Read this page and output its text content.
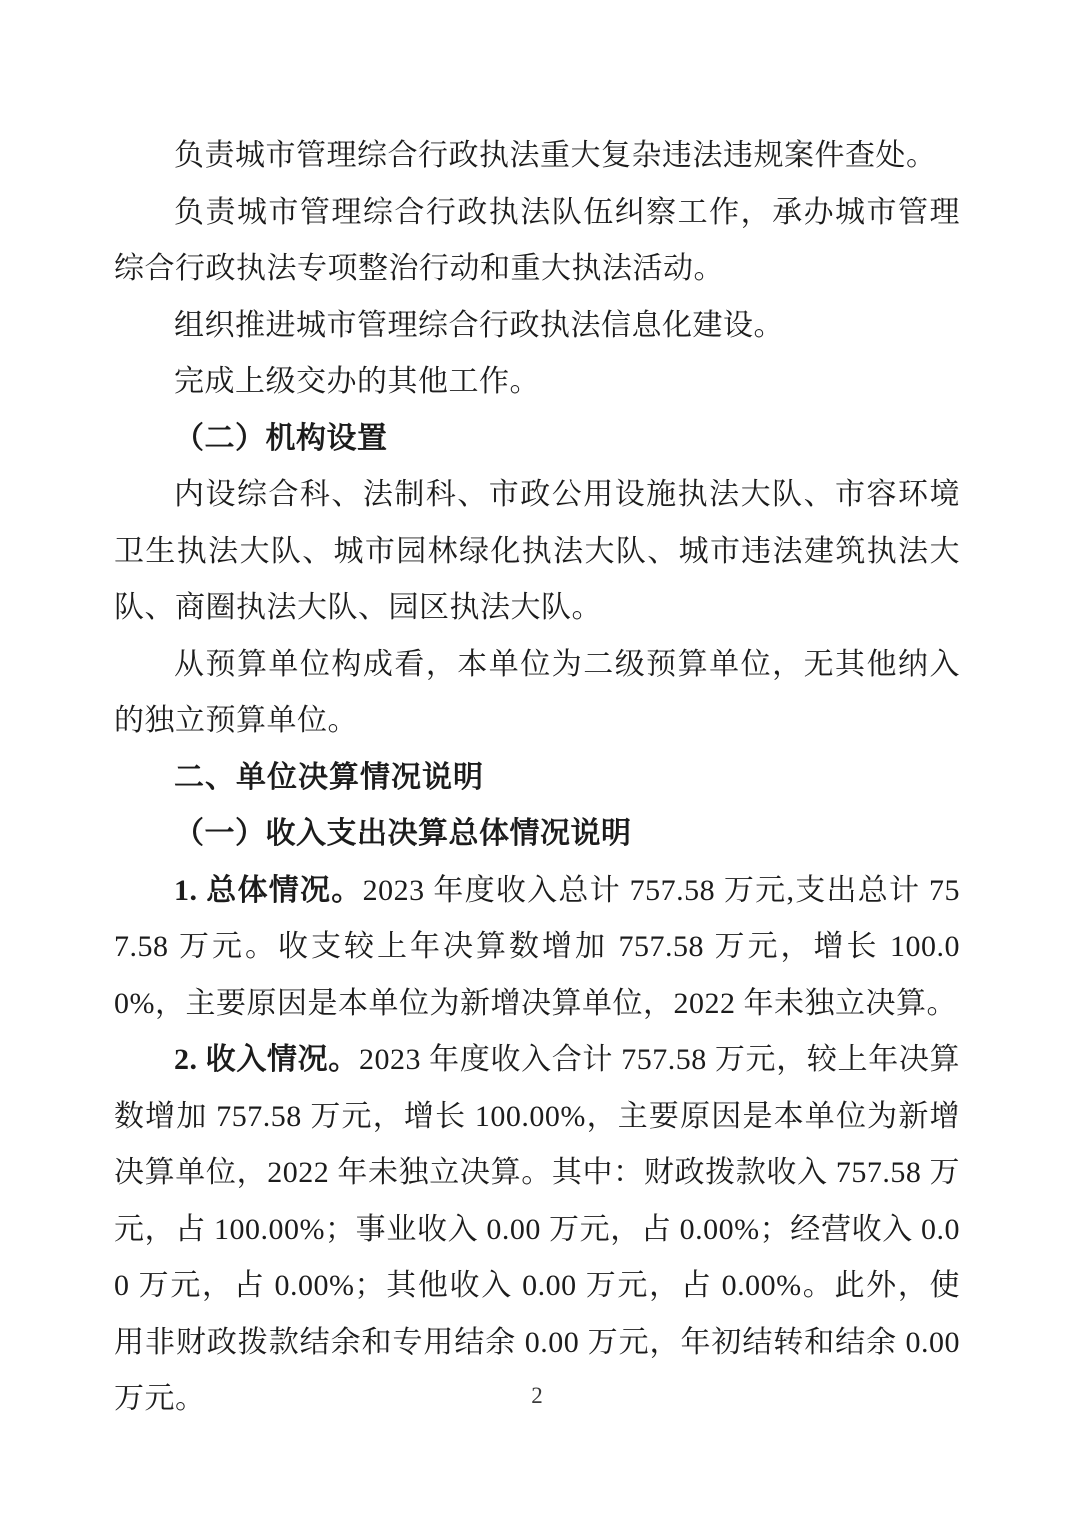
负责城市管理综合行政执法重大复杂违法违规案件查处。

负责城市管理综合行政执法队伍纠察工作，承办城市管理综合行政执法专项整治行动和重大执法活动。

组织推进城市管理综合行政执法信息化建设。

完成上级交办的其他工作。

（二）机构设置

内设综合科、法制科、市政公用设施执法大队、市容环境卫生执法大队、城市园林绿化执法大队、城市违法建筑执法大队、商圈执法大队、园区执法大队。

从预算单位构成看，本单位为二级预算单位，无其他纳入的独立预算单位。

二、单位决算情况说明

（一）收入支出决算总体情况说明

1. 总体情况。2023 年度收入总计 757.58 万元,支出总计 757.58 万元。收支较上年决算数增加 757.58 万元，增长 100.00%，主要原因是本单位为新增决算单位，2022 年未独立决算。

2. 收入情况。2023 年度收入合计 757.58 万元，较上年决算数增加 757.58 万元，增长 100.00%，主要原因是本单位为新增决算单位，2022 年未独立决算。其中：财政拨款收入 757.58 万元，占 100.00%；事业收入 0.00 万元，占 0.00%；经营收入 0.00 万元，占 0.00%；其他收入 0.00 万元，占 0.00%。此外，使用非财政拨款结余和专用结余 0.00 万元，年初结转和结余 0.00 万元。	2
